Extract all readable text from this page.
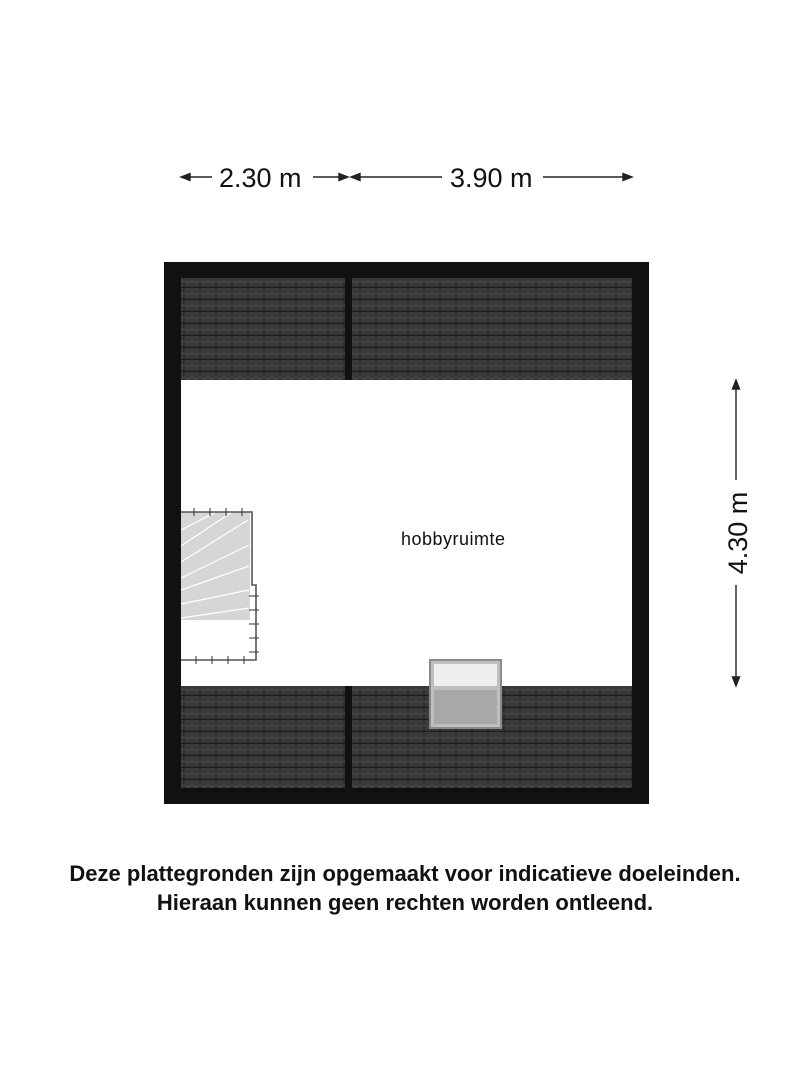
2.30 m	3.90 m
4.30 m
hobbyruimte
Deze plattegronden zijn opgemaakt voor indicatieve doeleinden.
Hieraan kunnen geen rechten worden ontleend.
